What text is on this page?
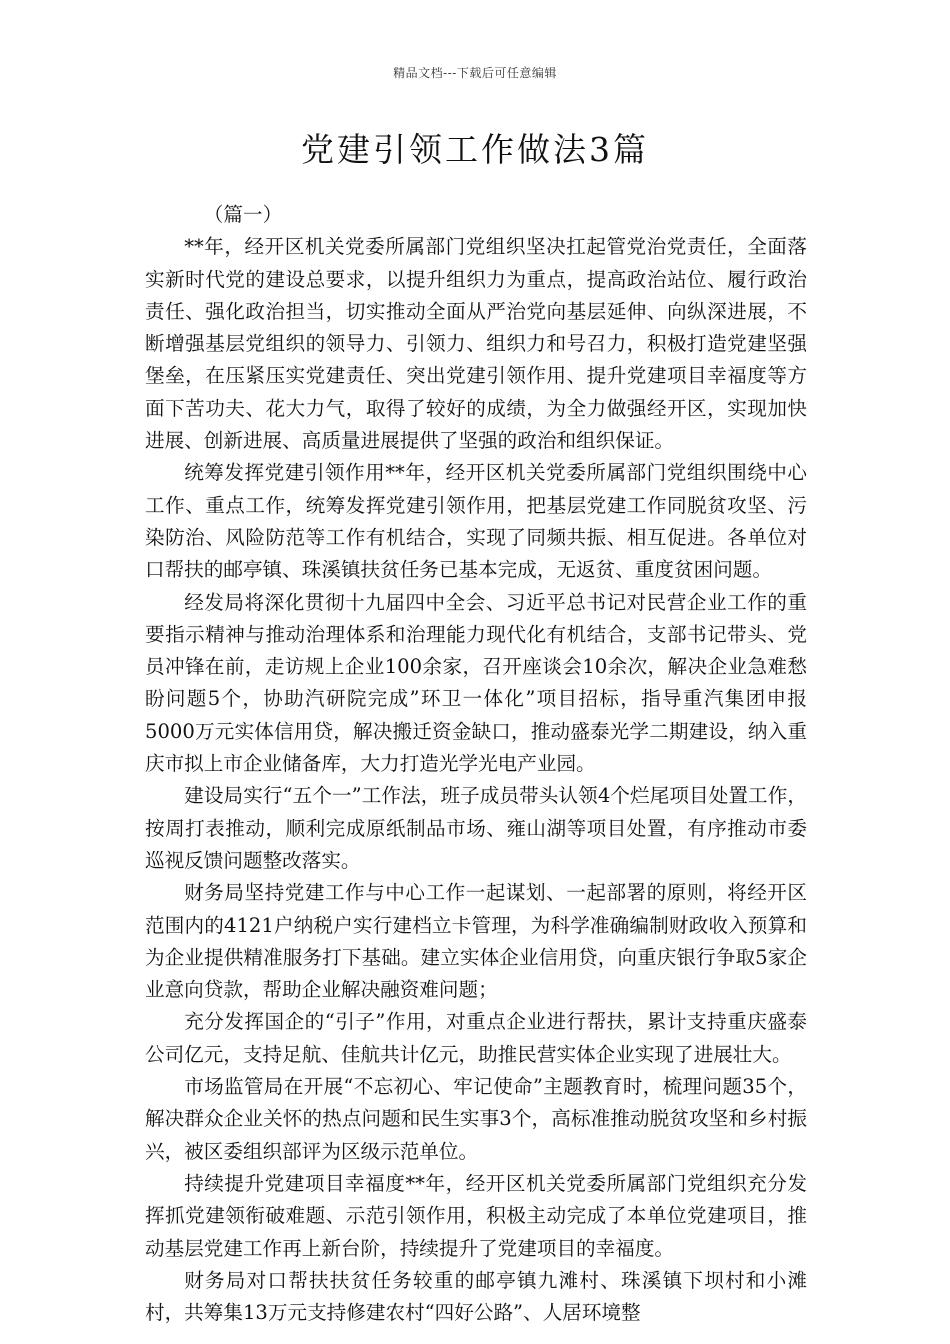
精品文档---下载后可任意编辑
党建引领工作做法3篇

（篇一）

**年，经开区机关党委所属部门党组织坚决扛起管党治党责任，全面落实新时代党的建设总要求，以提升组织力为重点，提高政治站位、履行政治责任、强化政治担当，切实推动全面从严治党向基层延伸、向纵深进展，不断增强基层党组织的领导力、引领力、组织力和号召力，积极打造党建坚强堡垒，在压紧压实党建责任、突出党建引领作用、提升党建项目幸福度等方面下苦功夫、花大力气，取得了较好的成绩，为全力做强经开区，实现加快进展、创新进展、高质量进展提供了坚强的政治和组织保证。

统筹发挥党建引领作用**年，经开区机关党委所属部门党组织围绕中心工作、重点工作，统筹发挥党建引领作用，把基层党建工作同脱贫攻坚、污染防治、风险防范等工作有机结合，实现了同频共振、相互促进。各单位对口帮扶的邮亭镇、珠溪镇扶贫任务已基本完成，无返贫、重度贫困问题。

经发局将深化贯彻十九届四中全会、习近平总书记对民营企业工作的重要指示精神与推动治理体系和治理能力现代化有机结合，支部书记带头、党员冲锋在前，走访规上企业100余家，召开座谈会10余次，解决企业急难愁盼问题5个，协助汽研院完成”环卫一体化”项目招标，指导重汽集团申报5000万元实体信用贷，解决搬迁资金缺口，推动盛泰光学二期建设，纳入重庆市拟上市企业储备库，大力打造光学光电产业园。

建设局实行“五个一”工作法，班子成员带头认领4个烂尾项目处置工作，按周打表推动，顺利完成原纸制品市场、雍山湖等项目处置，有序推动市委巡视反馈问题整改落实。

财务局坚持党建工作与中心工作一起谋划、一起部署的原则，将经开区范围内的4121户纳税户实行建档立卡管理，为科学准确编制财政收入预算和为企业提供精准服务打下基础。建立实体企业信用贷，向重庆银行争取5家企业意向贷款，帮助企业解决融资难问题；

充分发挥国企的“引子”作用，对重点企业进行帮扶，累计支持重庆盛泰公司亿元，支持足航、佳航共计亿元，助推民营实体企业实现了进展壮大。

市场监管局在开展“不忘初心、牢记使命”主题教育时，梳理问题35个，解决群众企业关怀的热点问题和民生实事3个，高标准推动脱贫攻坚和乡村振兴，被区委组织部评为区级示范单位。

持续提升党建项目幸福度**年，经开区机关党委所属部门党组织充分发挥抓党建领衔破难题、示范引领作用，积极主动完成了本单位党建项目，推动基层党建工作再上新台阶，持续提升了党建项目的幸福度。

财务局对口帮扶扶贫任务较重的邮亭镇九滩村、珠溪镇下坝村和小滩村，共筹集13万元支持修建农村“四好公路”、人居环境整
